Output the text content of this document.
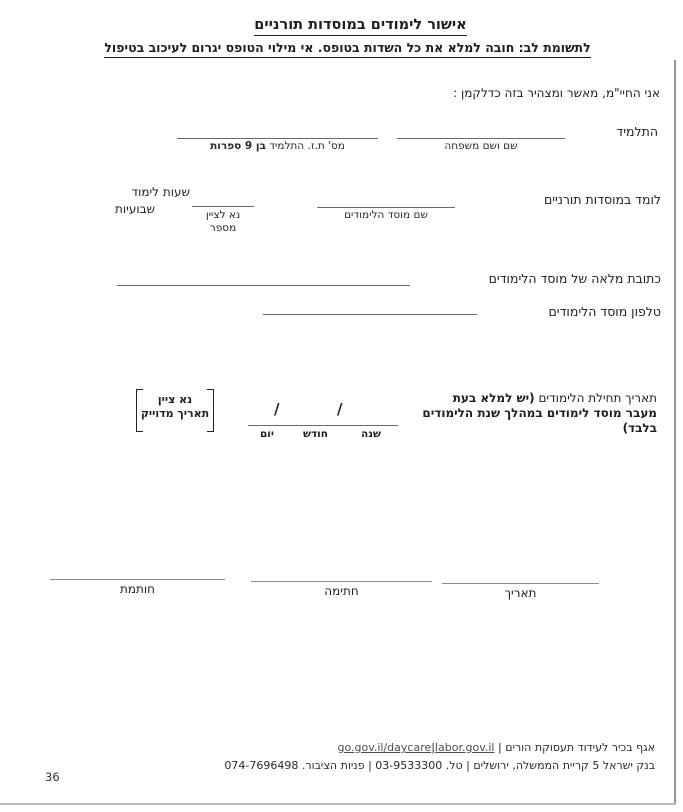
אישור לימודים במוסדות תורניים
לתשומת לב: חובה למלא את כל השדות בטופס. אי מילוי הטופס יגרום לעיכוב בטיפול
אני החיי"מ, מאשר ומצהיר בזה כדלקמן :
התלמיד
שם ושם משפחה
מס' ת.ז. התלמיד בן 9 ספרות
לומד במוסדות תורניים
שם מוסד הלימודים
שעות לימוד
שבועיות	נא לציין
מספר
כתובת מלאה של מוסד הלימודים
טלפון מוסד הלימודים
תאריך תחילת הלימודים (יש למלא בעת
מעבר מוסד לימודים במהלך שנת הלימודים
בלבד)
/	/
שנה
חודש
יום
נא ציין
תאריך מדוייק
תאריך
חתימה
חותמת
אגף בכיר לעידוד תעסוקת הורים | go.gov.il/daycare|labor.gov.il
בנק ישראל 5 קריית הממשלה, ירושלים | טל. 03-9533300 | פניות הציבור. 074-7696498
36
